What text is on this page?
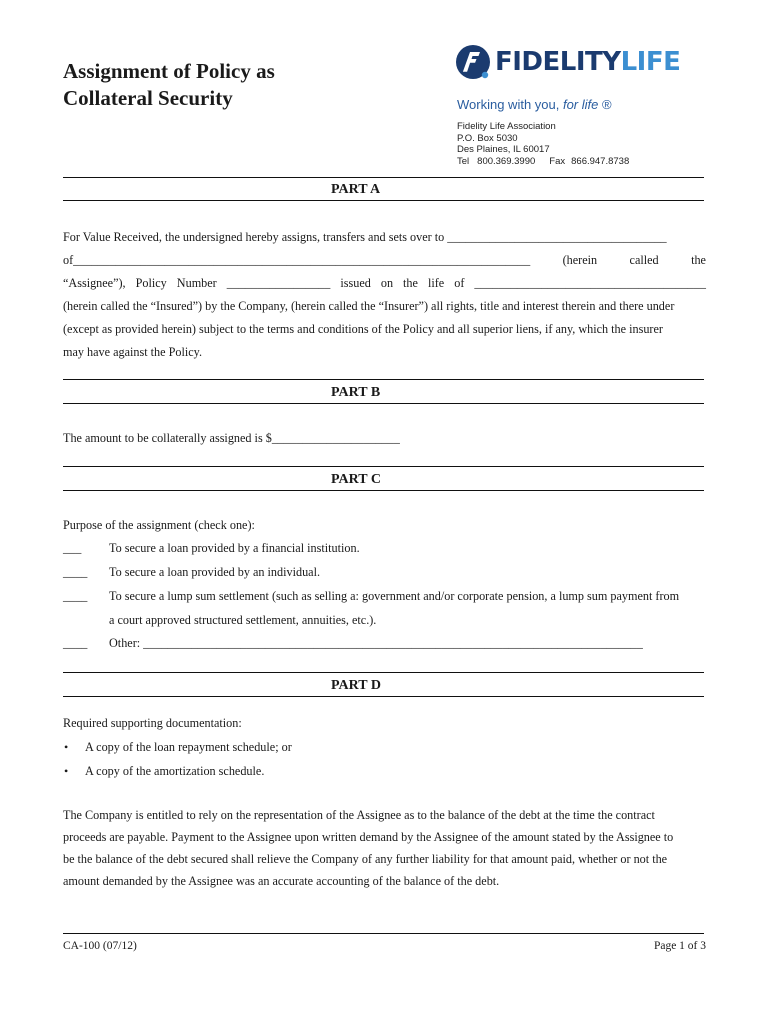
Assignment of Policy as
Collateral Security
FIDELITYLIFE
Working with you, for life ®
Fidelity Life Association
P.O. Box 5030
Des Plaines, IL 60017
Tel 800.369.3990 Fax 866.947.8738
PART A
For Value Received, the undersigned hereby assigns, transfers and sets over to ____________________________________
of___________________________________________________________________________	(herein	called	the
“Assignee”), Policy Number _________________ issued on the life of ______________________________________
(herein called the “Insured”) by the Company, (herein called the “Insurer”) all rights, title and interest therein and there under
(except as provided herein) subject to the terms and conditions of the Policy and all superior liens, if any, which the insurer
may have against the Policy.
PART B
The amount to be collaterally assigned is $_____________________
PART C
Purpose of the assignment (check one):
___ To secure a loan provided by a financial institution.
____ To secure a loan provided by an individual.
____ To secure a lump sum settlement (such as selling a: government and/or corporate pension, a lump sum payment from
a court approved structured settlement, annuities, etc.).
____ Other: __________________________________________________________________________________
PART D
Required supporting documentation:
• A copy of the loan repayment schedule; or
• A copy of the amortization schedule.
The Company is entitled to rely on the representation of the Assignee as to the balance of the debt at the time the contract
proceeds are payable. Payment to the Assignee upon written demand by the Assignee of the amount stated by the Assignee to
be the balance of the debt secured shall relieve the Company of any further liability for that amount paid, whether or not the
amount demanded by the Assignee was an accurate accounting of the balance of the debt.
CA-100 (07/12)	Page 1 of 3
